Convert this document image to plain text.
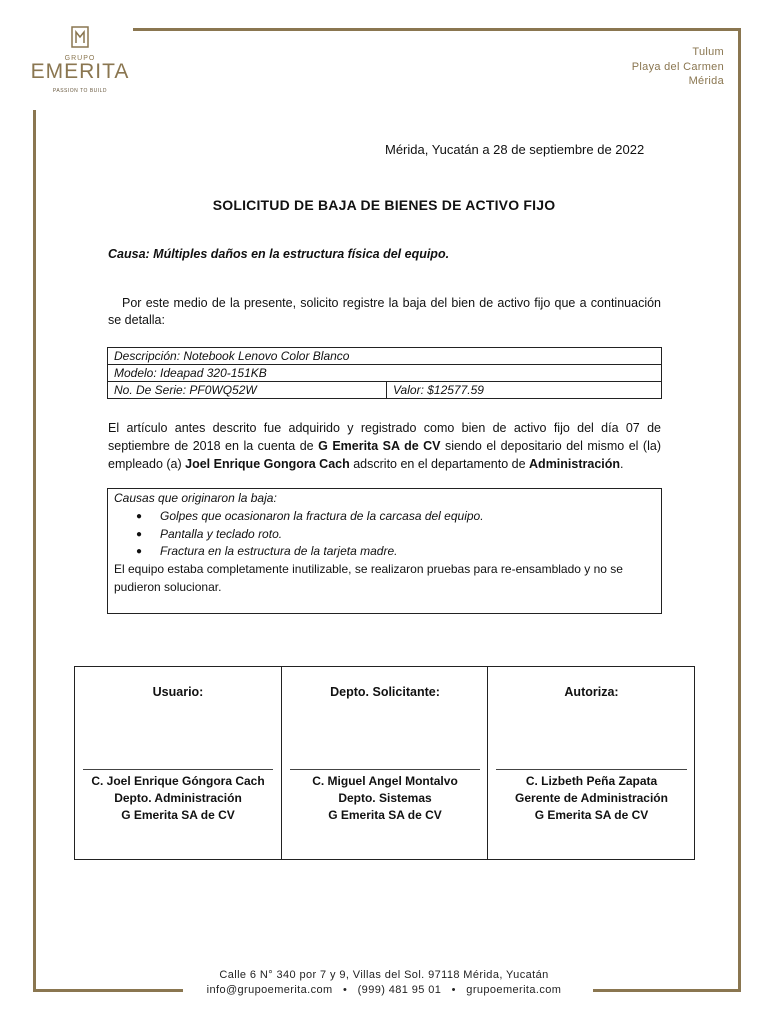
GRUPO
EMERITA
PASSION TO BUILD
Tulum
Playa del Carmen
Mérida
Mérida, Yucatán a 28 de septiembre de 2022
SOLICITUD DE BAJA DE BIENES DE ACTIVO FIJO
Causa: Múltiples daños en la estructura física del equipo.
Por este medio de la presente, solicito registre la baja del bien de activo fijo que a continuación se detalla:
Descripción: Notebook Lenovo Color Blanco
Modelo: Ideapad 320-151KB
No. De Serie: PF0WQ52W	Valor: $12577.59
El artículo antes descrito fue adquirido y registrado como bien de activo fijo del día 07 de septiembre de 2018 en la cuenta de G Emerita SA de CV siendo el depositario del mismo el (la) empleado (a) Joel Enrique Gongora Cach adscrito en el departamento de Administración.
Causas que originaron la baja:
● Golpes que ocasionaron la fractura de la carcasa del equipo.
● Pantalla y teclado roto.
● Fractura en la estructura de la tarjeta madre.
El equipo estaba completamente inutilizable, se realizaron pruebas para re-ensamblado y no se pudieron solucionar.
Usuario:
C. Joel Enrique Góngora Cach
Depto. Administración
G Emerita SA de CV
Depto. Solicitante:
C. Miguel Angel Montalvo
Depto. Sistemas
G Emerita SA de CV
Autoriza:
C. Lizbeth Peña Zapata
Gerente de Administración
G Emerita SA de CV
Calle 6 N° 340 por 7 y 9, Villas del Sol. 97118 Mérida, Yucatán
info@grupoemerita.com • (999) 481 95 01 • grupoemerita.com
